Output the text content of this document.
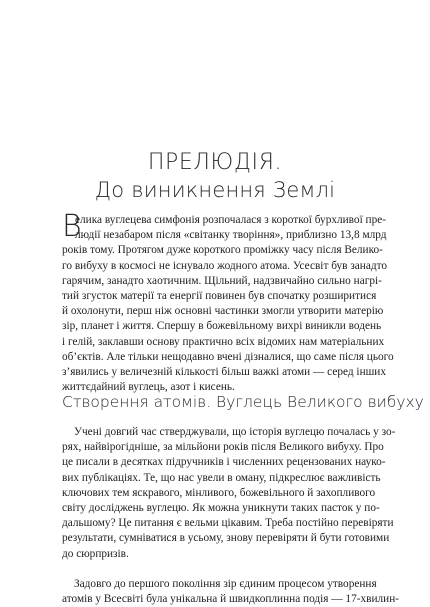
ПРЕЛЮДІЯ.
До виникнення Землі
В
елика вуглецева симфонія розпочалася з короткої бурхливої пре-
людії незабаром після «світанку творіння», приблизно 13,8 млрд
років тому. Протягом дуже короткого проміжку часу після Велико-
го вибуху в космосі не існувало жодного атома. Усесвіт був занадто
гарячим, занадто хаотичним. Щільний, надзвичайно сильно нагрі-
тий згусток матерії та енергії повинен був спочатку розширитися
й охолонути, перш ніж основні частинки змогли утворити матерію
зір, планет і життя. Спершу в божевільному вихрі виникли водень
і гелій, заклавши основу практично всіх відомих нам матеріальних
об’єктів. Але тільки нещодавно вчені дізналися, що саме після цього
з’явились у величезній кількості більш важкі атоми — серед інших
життєдайний вуглець, азот і кисень.
Створення атомів. Вуглець Великого вибуху
Учені довгий час стверджували, що історія вуглецю почалась у зо-
рях, найвірогідніше, за мільйони років після Великого вибуху. Про
це писали в десятках підручників і численних рецензованих науко-
вих публікаціях. Те, що нас увели в оману, підкреслює важливість
ключових тем яскравого, мінливого, божевільного й захопливого
світу досліджень вуглецю. Як можна уникнути таких пасток у по-
дальшому? Це питання є вельми цікавим. Треба постійно перевіряти
результати, сумніватися в усьому, знову перевіряти й бути готовими
до сюрпризів.
Задовго до першого покоління зір єдиним процесом утворення
атомів у Всесвіті була унікальна й швидкоплинна подія — 17-хвилин-
